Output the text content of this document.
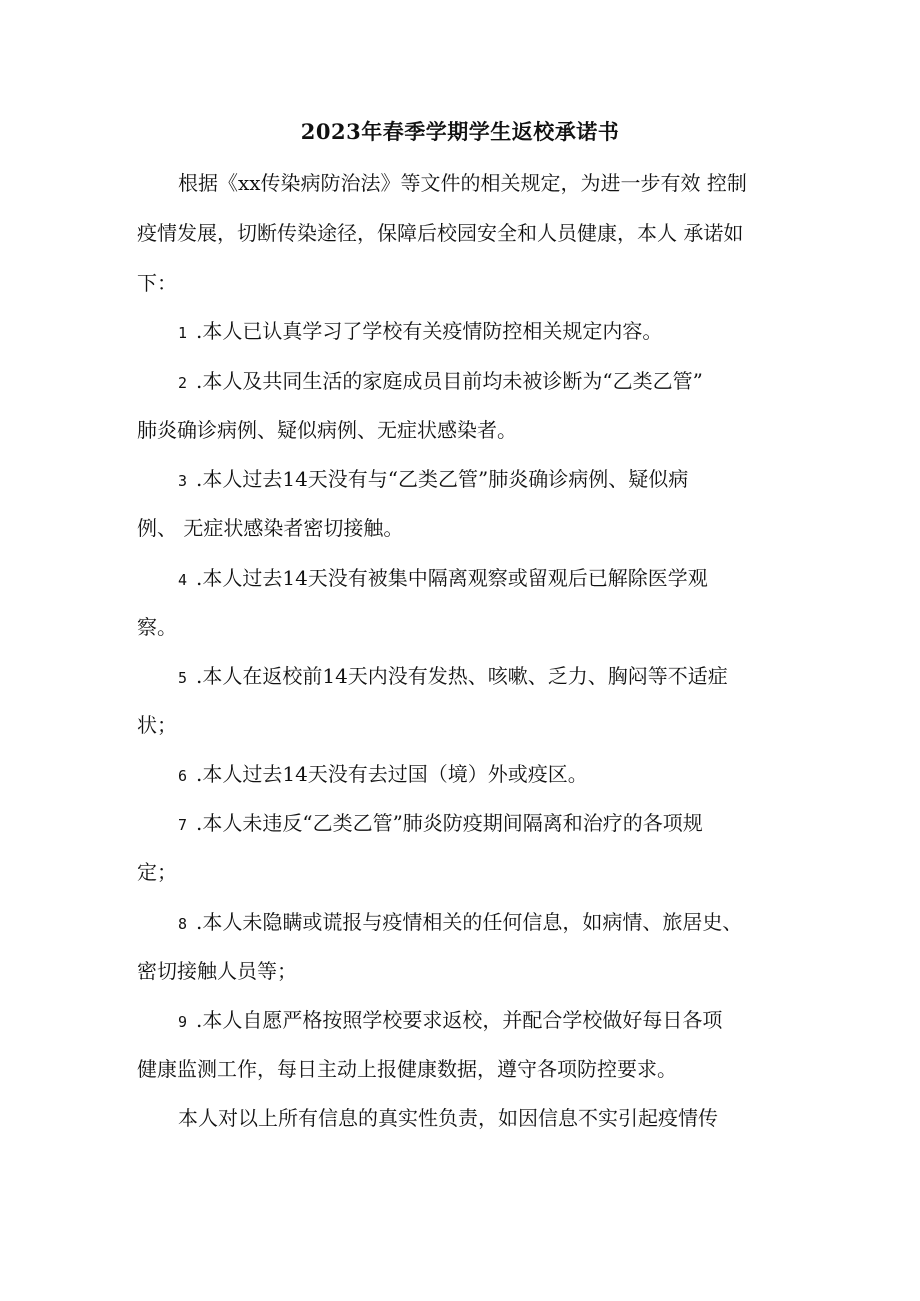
2023年春季学期学生返校承诺书
根据《xx传染病防治法》等文件的相关规定，为进一步有效 控制
疫情发展，切断传染途径，保障后校园安全和人员健康，本人 承诺如
下：
1 .本人已认真学习了学校有关疫情防控相关规定内容。
2 .本人及共同生活的家庭成员目前均未被诊断为“乙类乙管”
肺炎确诊病例、疑似病例、无症状感染者。
3 .本人过去14天没有与“乙类乙管”肺炎确诊病例、疑似病
例、 无症状感染者密切接触。
4 .本人过去14天没有被集中隔离观察或留观后已解除医学观
察。
5 .本人在返校前14天内没有发热、咳嗽、乏力、胸闷等不适症
状；
6 .本人过去14天没有去过国（境）外或疫区。
7 .本人未违反“乙类乙管”肺炎防疫期间隔离和治疗的各项规
定；
8 .本人未隐瞒或谎报与疫情相关的任何信息，如病情、旅居史、
密切接触人员等；
9 .本人自愿严格按照学校要求返校，并配合学校做好每日各项
健康监测工作，每日主动上报健康数据，遵守各项防控要求。
本人对以上所有信息的真实性负责，如因信息不实引起疫情传
